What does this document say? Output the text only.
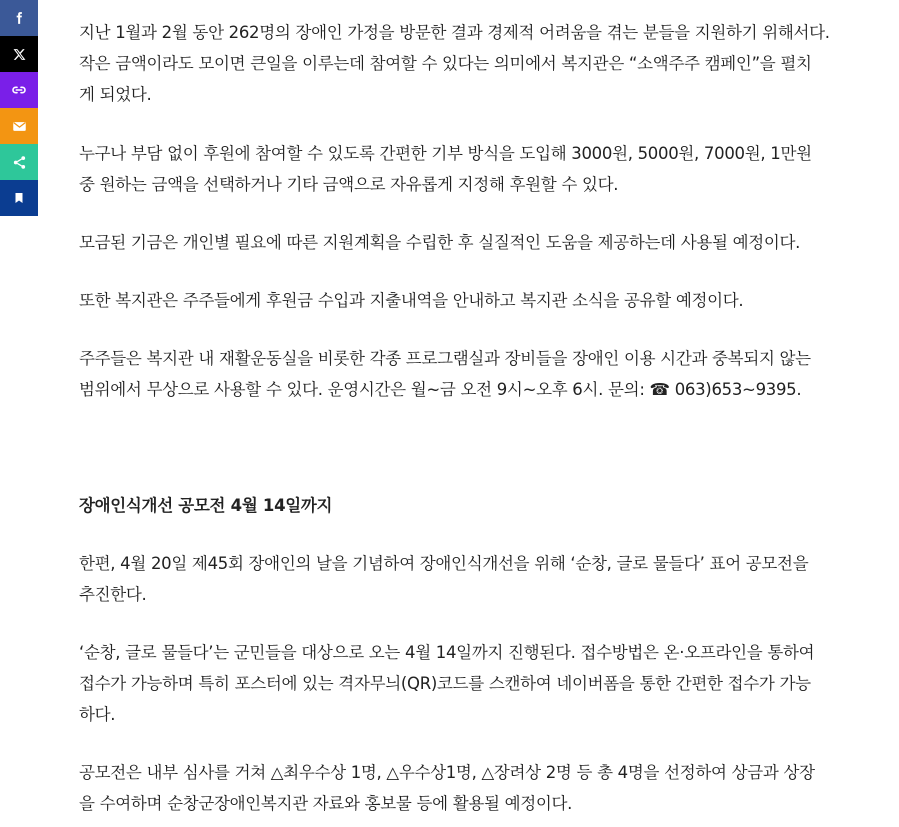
지난 1월과 2월 동안 262명의 장애인 가정을 방문한 결과 경제적 어려움을 겪는 분들을 지원하기 위해서다.
작은 금액이라도 모이면 큰일을 이루는데 참여할 수 있다는 의미에서 복지관은 “소액주주 캠페인”을 펼치
게 되었다.

누구나 부담 없이 후원에 참여할 수 있도록 간편한 기부 방식을 도입해 3000원, 5000원, 7000원, 1만원
중 원하는 금액을 선택하거나 기타 금액으로 자유롭게 지정해 후원할 수 있다.

모금된 기금은 개인별 필요에 따른 지원계획을 수립한 후 실질적인 도움을 제공하는데 사용될 예정이다.

또한 복지관은 주주들에게 후원금 수입과 지출내역을 안내하고 복지관 소식을 공유할 예정이다.

주주들은 복지관 내 재활운동실을 비롯한 각종 프로그램실과 장비들을 장애인 이용 시간과 중복되지 않는
범위에서 무상으로 사용할 수 있다. 운영시간은 월~금 오전 9시~오후 6시. 문의: ☎ 063)653~9395.

장애인식개선 공모전 4월 14일까지

한편, 4월 20일 제45회 장애인의 날을 기념하여 장애인식개선을 위해 ‘순창, 글로 물들다’ 표어 공모전을
추진한다.

‘순창, 글로 물들다’는 군민들을 대상으로 오는 4월 14일까지 진행된다. 접수방법은 온·오프라인을 통하여
접수가 가능하며 특히 포스터에 있는 격자무늬(QR)코드를 스캔하여 네이버폼을 통한 간편한 접수가 가능
하다.

공모전은 내부 심사를 거쳐 △최우수상 1명, △우수상1명, △장려상 2명 등 총 4명을 선정하여 상금과 상장
을 수여하며 순창군장애인복지관 자료와 홍보물 등에 활용될 예정이다.
